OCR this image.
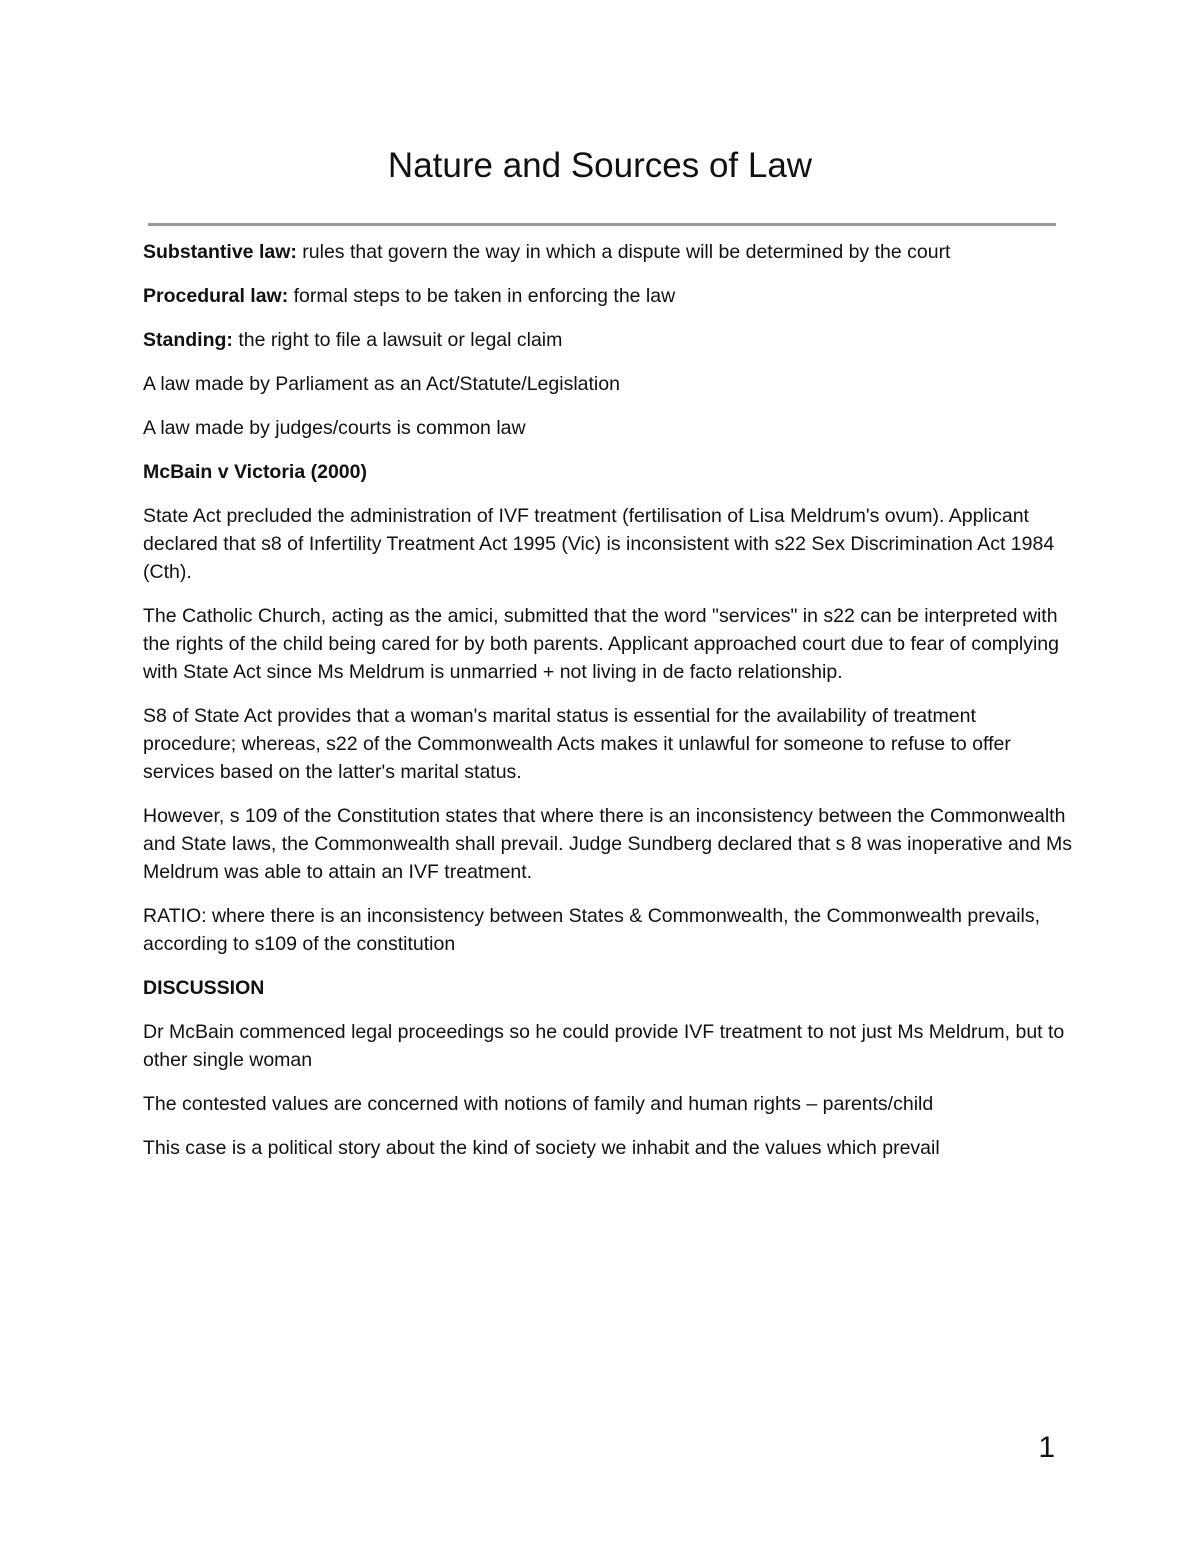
Nature and Sources of Law

Substantive law: rules that govern the way in which a dispute will be determined by the court

Procedural law: formal steps to be taken in enforcing the law

Standing: the right to file a lawsuit or legal claim

A law made by Parliament as an Act/Statute/Legislation

A law made by judges/courts is common law

McBain v Victoria (2000)

State Act precluded the administration of IVF treatment (fertilisation of Lisa Meldrum's ovum). Applicant declared that s8 of Infertility Treatment Act 1995 (Vic) is inconsistent with s22 Sex Discrimination Act 1984 (Cth).

The Catholic Church, acting as the amici, submitted that the word "services" in s22 can be interpreted with the rights of the child being cared for by both parents. Applicant approached court due to fear of complying with State Act since Ms Meldrum is unmarried + not living in de facto relationship.

S8 of State Act provides that a woman's marital status is essential for the availability of treatment procedure; whereas, s22 of the Commonwealth Acts makes it unlawful for someone to refuse to offer services based on the latter's marital status.

However, s 109 of the Constitution states that where there is an inconsistency between the Commonwealth and State laws, the Commonwealth shall prevail. Judge Sundberg declared that s 8 was inoperative and Ms Meldrum was able to attain an IVF treatment.

RATIO: where there is an inconsistency between States & Commonwealth, the Commonwealth prevails, according to s109 of the constitution

DISCUSSION

Dr McBain commenced legal proceedings so he could provide IVF treatment to not just Ms Meldrum, but to other single woman

The contested values are concerned with notions of family and human rights – parents/child

This case is a political story about the kind of society we inhabit and the values which prevail

1
